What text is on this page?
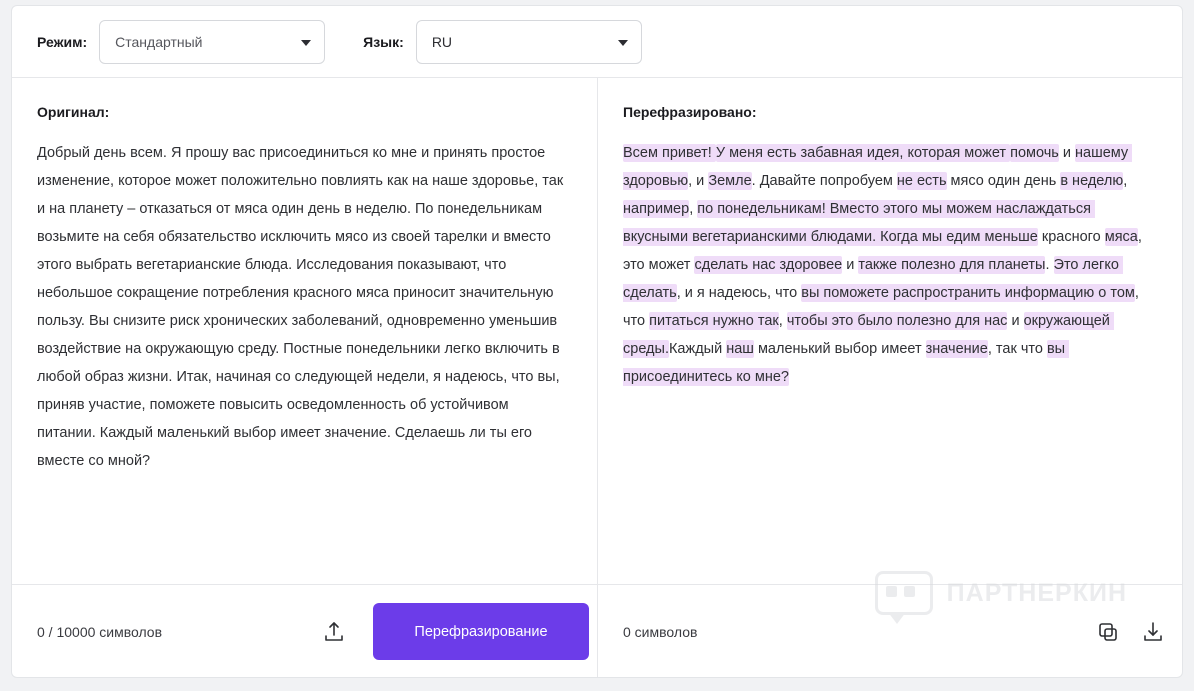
Режим:	Стандартный	Язык:	RU
Оригинал:
Добрый день всем. Я прошу вас присоединиться ко мне и принять простое изменение, которое может положительно повлиять как на наше здоровье, так и на планету – отказаться от мяса один день в неделю. По понедельникам возьмите на себя обязательство исключить мясо из своей тарелки и вместо этого выбрать вегетарианские блюда. Исследования показывают, что небольшое сокращение потребления красного мяса приносит значительную пользу. Вы снизите риск хронических заболеваний, одновременно уменьшив воздействие на окружающую среду. Постные понедельники легко включить в любой образ жизни. Итак, начиная со следующей недели, я надеюсь, что вы, приняв участие, поможете повысить осведомленность об устойчивом питании. Каждый маленький выбор имеет значение. Сделаешь ли ты его вместе со мной?
Перефразировано:
Всем привет! У меня есть забавная идея, которая может помочь и нашему здоровью, и Земле. Давайте попробуем не есть мясо один день в неделю, например, по понедельникам! Вместо этого мы можем наслаждаться вкусными вегетарианскими блюдами. Когда мы едим меньше красного мяса, это может сделать нас здоровее и также полезно для планеты. Это легко сделать, и я надеюсь, что вы поможете распространить информацию о том, что питаться нужно так, чтобы это было полезно для нас и окружающей среды.Каждый наш маленький выбор имеет значение, так что вы присоединитесь ко мне?
0 / 10000 символов	Перефразирование	0 символов
ПАРТНЕРКИН
